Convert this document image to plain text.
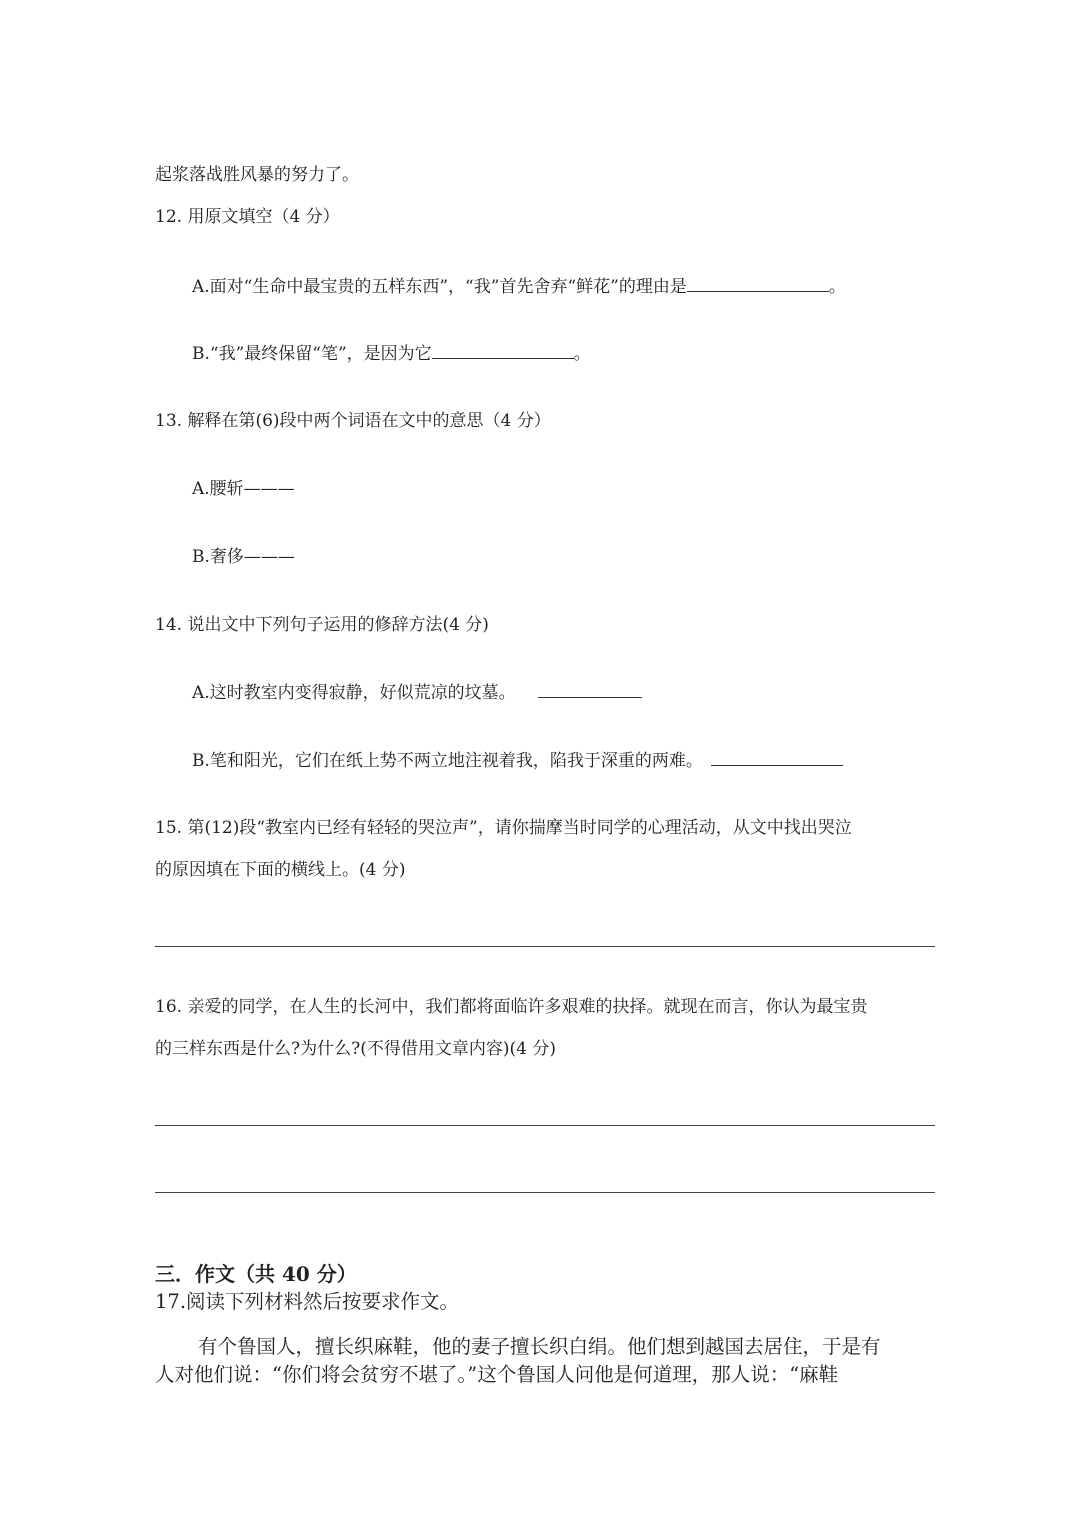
起浆落战胜风暴的努力了。
12. 用原文填空（4 分）
A.面对“生命中最宝贵的五样东西”，“我”首先舍弃“鲜花”的理由是	。
B.“我”最终保留“笔”，是因为它	。
13. 解释在第(6)段中两个词语在文中的意思（4 分）
A.腰斩———
B.奢侈———
14. 说出文中下列句子运用的修辞方法(4 分)
A.这时教室内变得寂静，好似荒凉的坟墓。
B.笔和阳光，它们在纸上势不两立地注视着我，陷我于深重的两难。
15. 第(12)段“教室内已经有轻轻的哭泣声”，请你揣摩当时同学的心理活动，从文中找出哭泣
的原因填在下面的横线上。(4 分)
16. 亲爱的同学，在人生的长河中，我们都将面临许多艰难的抉择。就现在而言，你认为最宝贵
的三样东西是什么?为什么?(不得借用文章内容)(4 分)
三．作文（共 40 分）
17.阅读下列材料然后按要求作文。
有个鲁国人，擅长织麻鞋，他的妻子擅长织白绢。他们想到越国去居住，于是有
人对他们说：“你们将会贫穷不堪了。”这个鲁国人问他是何道理，那人说：“麻鞋
